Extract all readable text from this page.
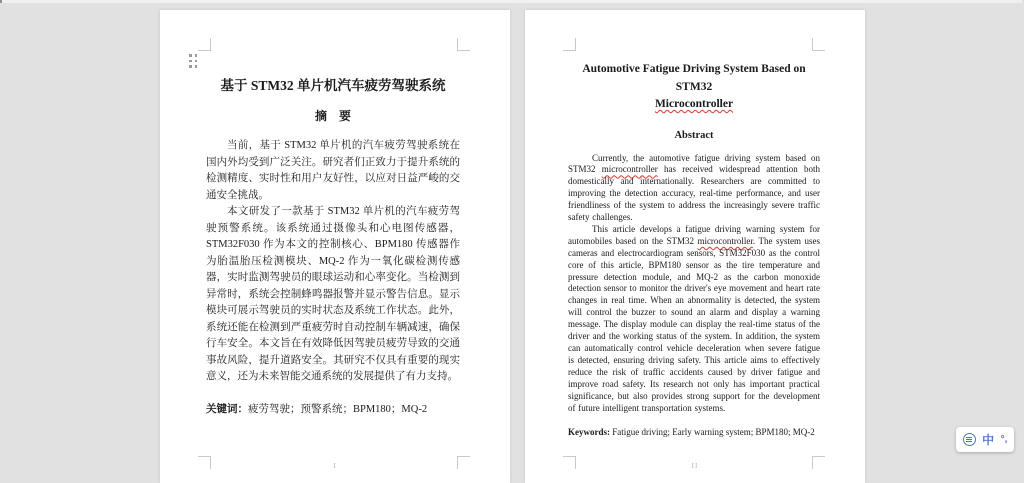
基于 STM32 单片机汽车疲劳驾驶系统
摘　要

当前，基于 STM32 单片机的汽车疲劳驾驶系统在国内外均受到广泛关注。研究者们正致力于提升系统的检测精度、实时性和用户友好性，以应对日益严峻的交通安全挑战。

本文研发了一款基于 STM32 单片机的汽车疲劳驾驶预警系统。该系统通过摄像头和心电图传感器，STM32F030 作为本文的控制核心、BPM180 传感器作为胎温胎压检测模块、MQ-2 作为一氧化碳检测传感器，实时监测驾驶员的眼球运动和心率变化。当检测到异常时，系统会控制蜂鸣器报警并显示警告信息。显示模块可展示驾驶员的实时状态及系统工作状态。此外，系统还能在检测到严重疲劳时自动控制车辆减速，确保行车安全。本文旨在有效降低因驾驶员疲劳导致的交通事故风险，提升道路安全。其研究不仅具有重要的现实意义，还为未来智能交通系统的发展提供了有力支持。

关键词：疲劳驾驶；预警系统；BPM180；MQ-2

I
Automotive Fatigue Driving System Based on STM32
Microcontroller
Abstract

Currently, the automotive fatigue driving system based on STM32 microcontroller has received widespread attention both domestically and internationally. Researchers are committed to improving the detection accuracy, real-time performance, and user friendliness of the system to address the increasingly severe traffic safety challenges.

This article develops a fatigue driving warning system for automobiles based on the STM32 microcontroller. The system uses cameras and electrocardiogram sensors, STM32F030 as the control core of this article, BPM180 sensor as the tire temperature and pressure detection module, and MQ-2 as the carbon monoxide detection sensor to monitor the driver's eye movement and heart rate changes in real time. When an abnormality is detected, the system will control the buzzer to sound an alarm and display a warning message. The display module can display the real-time status of the driver and the working status of the system. In addition, the system can automatically control vehicle deceleration when severe fatigue is detected, ensuring driving safety. This article aims to effectively reduce the risk of traffic accidents caused by driver fatigue and improve road safety. Its research not only has important practical significance, but also provides strong support for the development of future intelligent transportation systems.

Keywords: Fatigue driving; Early warning system; BPM180; MQ-2

II
中 °,
